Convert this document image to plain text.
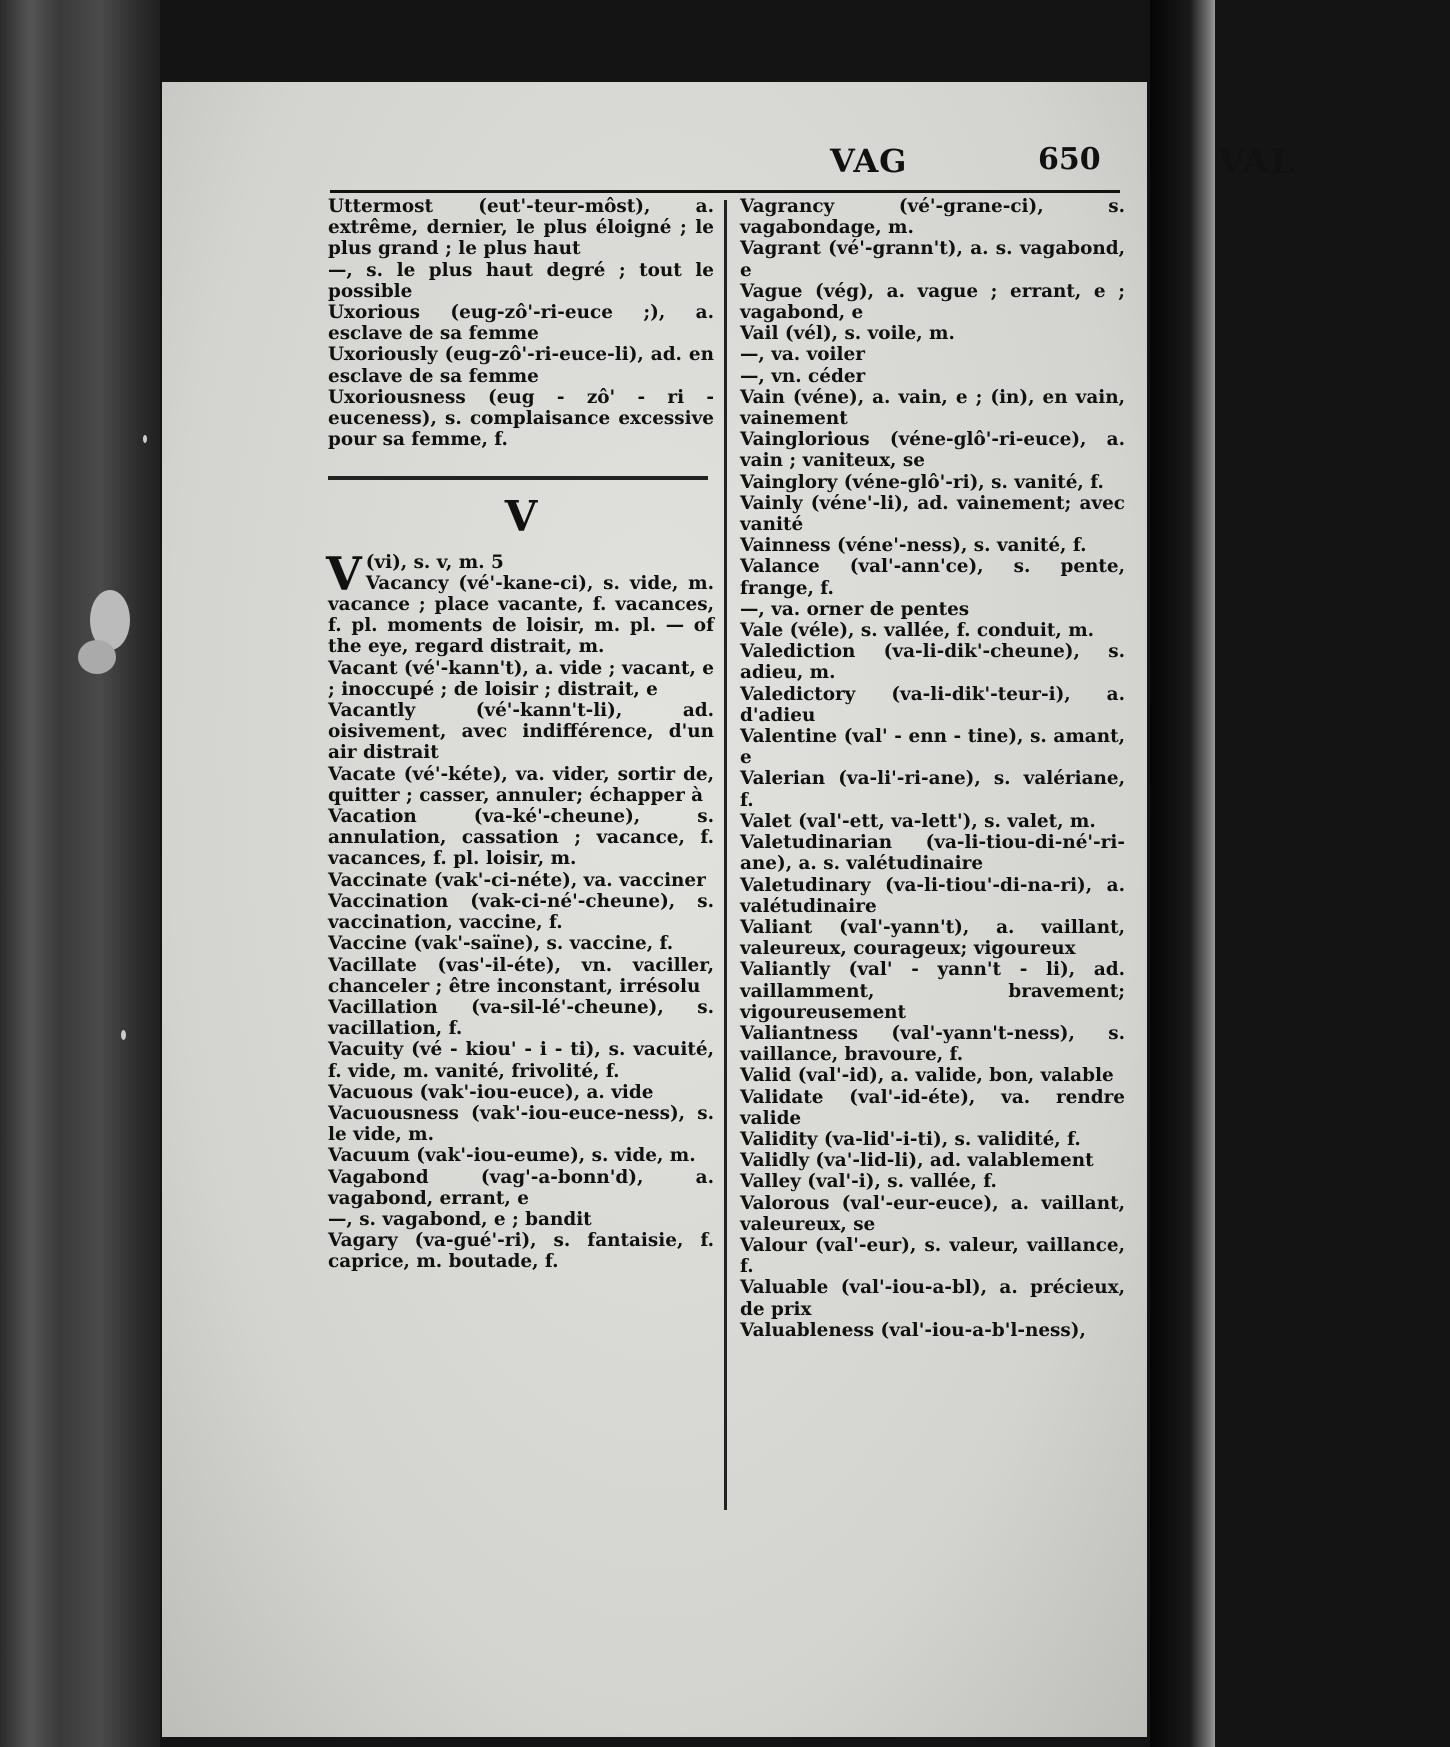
VAG	650	VAL

Uttermost (eut'-teur-môst), a. extrême, dernier, le plus éloigné ; le plus grand ; le plus haut

—, s. le plus haut degré ; tout le possible

Uxorious (eug-zô'-ri-euce ;), a. esclave de sa femme

Uxoriously (eug-zô'-ri-euce-li), ad. en esclave de sa femme

Uxoriousness (eug - zô' - ri - euceness), s. complaisance excessive pour sa femme, f.

V
V (vi), s. v, m. 5

Vacancy (vé'-kane-ci), s. vide, m. vacance ; place vacante, f. vacances, f. pl. moments de loisir, m. pl. — of the eye, regard distrait, m.

Vacant (vé'-kann't), a. vide ; vacant, e ; inoccupé ; de loisir ; distrait, e

Vacantly (vé'-kann't-li), ad. oisivement, avec indifférence, d'un air distrait

Vacate (vé'-kéte), va. vider, sortir de, quitter ; casser, annuler; échapper à

Vacation (va-ké'-cheune), s. annulation, cassation ; vacance, f. vacances, f. pl. loisir, m.

Vaccinate (vak'-ci-néte), va. vacciner

Vaccination (vak-ci-né'-cheune), s. vaccination, vaccine, f.

Vaccine (vak'-saïne), s. vaccine, f.

Vacillate (vas'-il-éte), vn. vaciller, chanceler ; être inconstant, irrésolu

Vacillation (va-sil-lé'-cheune), s. vacillation, f.

Vacuity (vé - kiou' - i - ti), s. vacuité, f. vide, m. vanité, frivolité, f.

Vacuous (vak'-iou-euce), a. vide

Vacuousness (vak'-iou-euce-ness), s. le vide, m.

Vacuum (vak'-iou-eume), s. vide, m.

Vagabond (vag'-a-bonn'd), a. vagabond, errant, e

—, s. vagabond, e ; bandit

Vagary (va-gué'-ri), s. fantaisie, f. caprice, m. boutade, f.

Vagrancy (vé'-grane-ci), s. vagabondage, m.

Vagrant (vé'-grann't), a. s. vagabond, e

Vague (vég), a. vague ; errant, e ; vagabond, e

Vail (vél), s. voile, m.

—, va. voiler

—, vn. céder

Vain (véne), a. vain, e ; (in), en vain, vainement

Vainglorious (véne-glô'-ri-euce), a. vain ; vaniteux, se

Vainglory (véne-glô'-ri), s. vanité, f.

Vainly (véne'-li), ad. vainement; avec vanité

Vainness (véne'-ness), s. vanité, f.

Valance (val'-ann'ce), s. pente, frange, f.

—, va. orner de pentes

Vale (véle), s. vallée, f. conduit, m.

Valediction (va-li-dik'-cheune), s. adieu, m.

Valedictory (va-li-dik'-teur-i), a. d'adieu

Valentine (val' - enn - tine), s. amant, e

Valerian (va-li'-ri-ane), s. valériane, f.

Valet (val'-ett, va-lett'), s. valet, m.

Valetudinarian (va-li-tiou-di-né'-ri-ane), a. s. valétudinaire

Valetudinary (va-li-tiou'-di-na-ri), a. valétudinaire

Valiant (val'-yann't), a. vaillant, valeureux, courageux; vigoureux

Valiantly (val' - yann't - li), ad. vaillamment, bravement; vigoureusement

Valiantness (val'-yann't-ness), s. vaillance, bravoure, f.

Valid (val'-id), a. valide, bon, valable

Validate (val'-id-éte), va. rendre valide

Validity (va-lid'-i-ti), s. validité, f.

Validly (va'-lid-li), ad. valablement

Valley (val'-i), s. vallée, f.

Valorous (val'-eur-euce), a. vaillant, valeureux, se

Valour (val'-eur), s. valeur, vaillance, f.

Valuable (val'-iou-a-bl), a. précieux, de prix

Valuableness (val'-iou-a-b'l-ness),
